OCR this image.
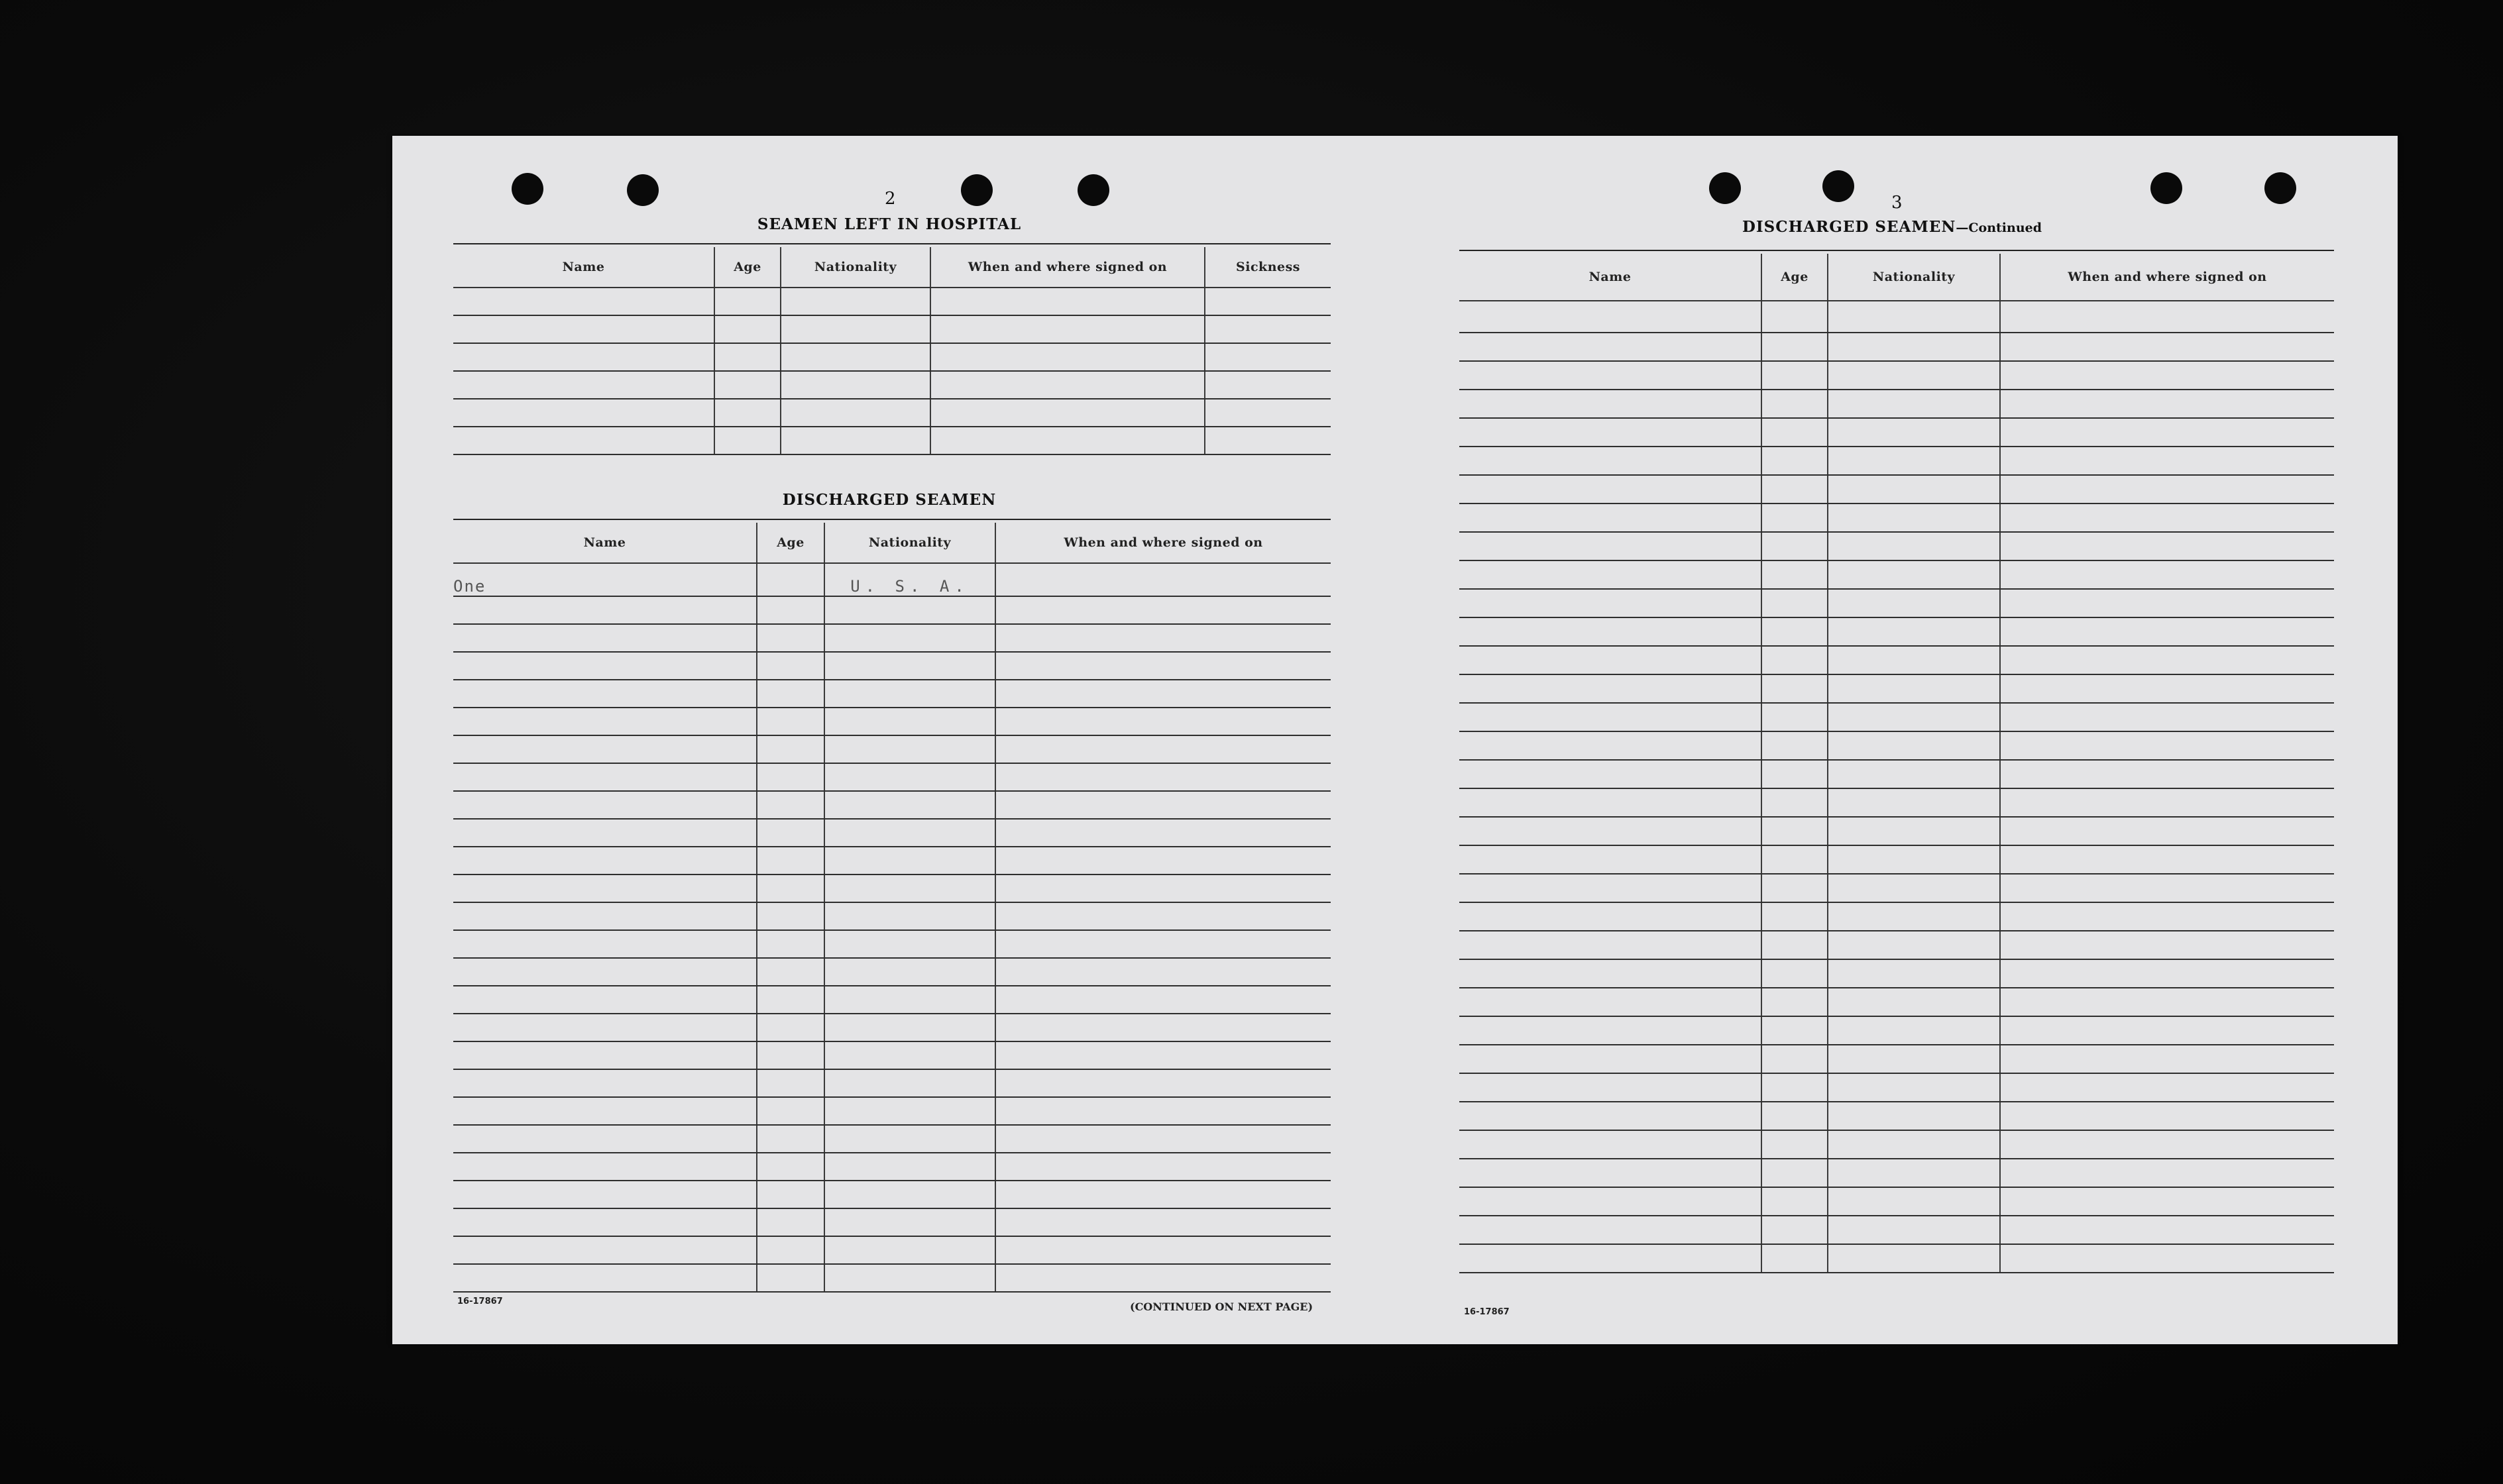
2
SEAMEN LEFT IN HOSPITAL
Name	Age	Nationality	When and where signed on	Sickness

DISCHARGED SEAMEN
Name	Age	Nationality	When and where signed on
One		U. S. A.	

16-17867	(CONTINUED ON NEXT PAGE)
3
DISCHARGED SEAMEN—Continued
Name	Age	Nationality	When and where signed on

16-17867
